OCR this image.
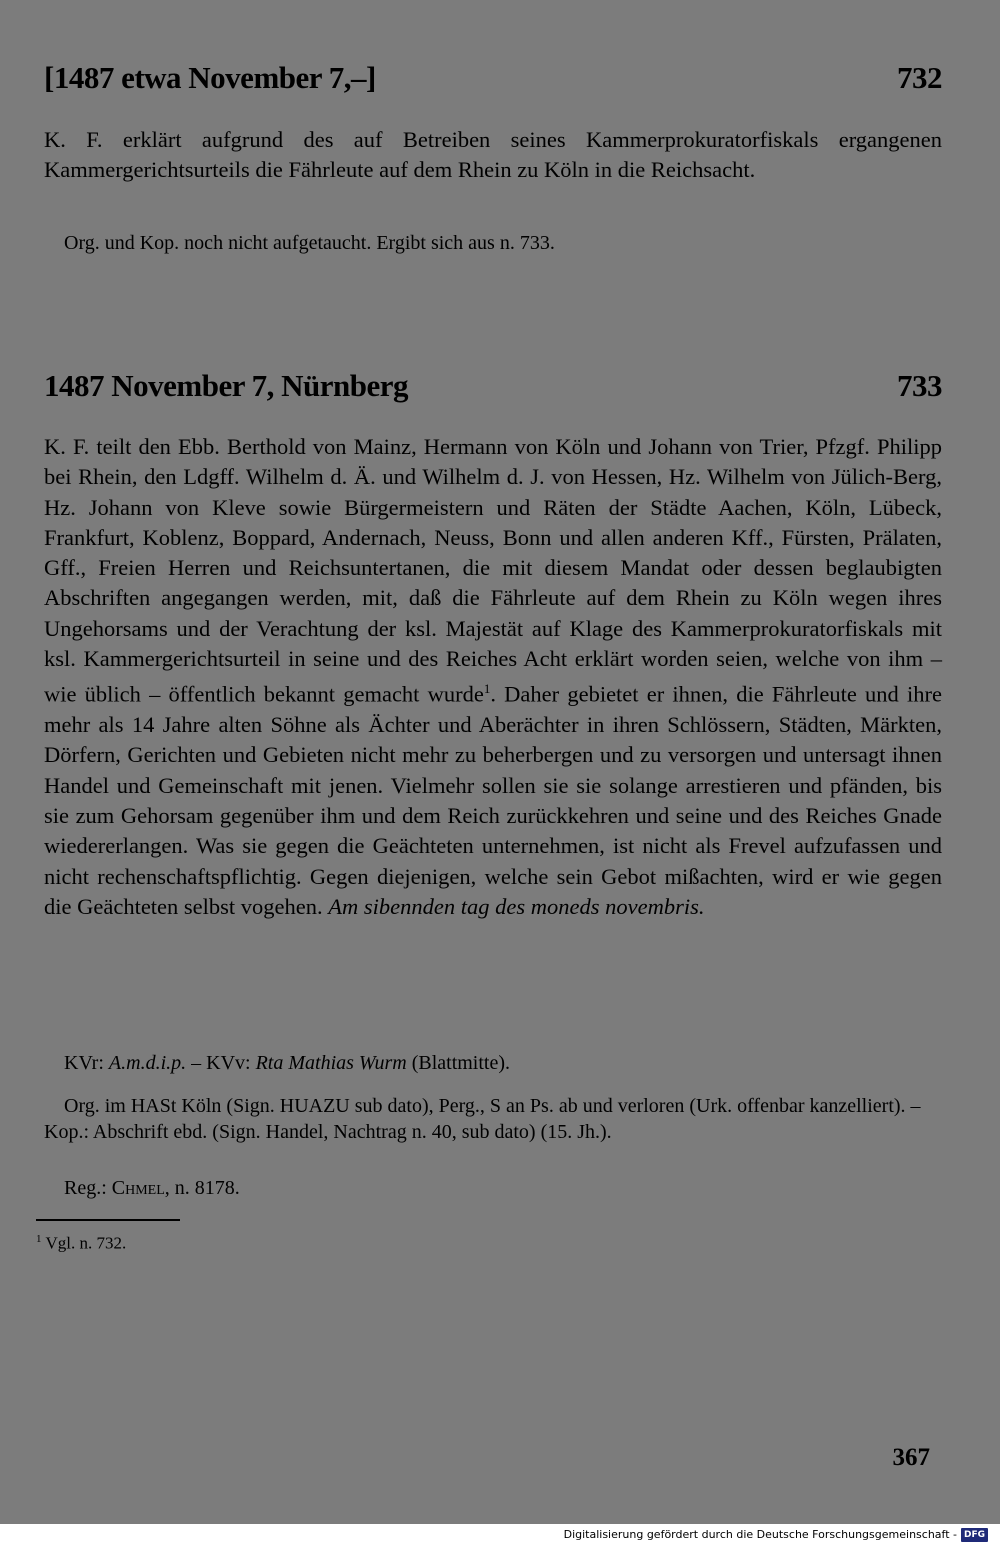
[1487 etwa November 7,–]	732

K. F. erklärt aufgrund des auf Betreiben seines Kammerprokuratorfiskals ergangenen Kammergerichtsurteils die Fährleute auf dem Rhein zu Köln in die Reichsacht.

Org. und Kop. noch nicht aufgetaucht. Ergibt sich aus n. 733.

1487 November 7, Nürnberg	733

K. F. teilt den Ebb. Berthold von Mainz, Hermann von Köln und Johann von Trier, Pfzgf. Philipp bei Rhein, den Ldgff. Wilhelm d. Ä. und Wilhelm d. J. von Hessen, Hz. Wilhelm von Jülich-Berg, Hz. Johann von Kleve sowie Bürgermeistern und Räten der Städte Aachen, Köln, Lübeck, Frankfurt, Koblenz, Boppard, Andernach, Neuss, Bonn und allen anderen Kff., Fürsten, Prälaten, Gff., Freien Herren und Reichsuntertanen, die mit diesem Mandat oder dessen beglaubigten Abschriften angegangen werden, mit, daß die Fährleute auf dem Rhein zu Köln wegen ihres Ungehorsams und der Verachtung der ksl. Majestät auf Klage des Kammerprokuratorfiskals mit ksl. Kammergerichtsurteil in seine und des Reiches Acht erklärt worden seien, welche von ihm – wie üblich – öffentlich bekannt gemacht wurde$^1$. Daher gebietet er ihnen, die Fährleute und ihre mehr als 14 Jahre alten Söhne als Ächter und Aberächter in ihren Schlössern, Städten, Märkten, Dörfern, Gerichten und Gebieten nicht mehr zu beherbergen und zu versorgen und untersagt ihnen Handel und Gemeinschaft mit jenen. Vielmehr sollen sie sie solange arrestieren und pfänden, bis sie zum Gehorsam gegenüber ihm und dem Reich zurückkehren und seine und des Reiches Gnade wiedererlangen. Was sie gegen die Geächteten unternehmen, ist nicht als Frevel aufzufassen und nicht rechenschaftspflichtig. Gegen diejenigen, welche sein Gebot mißachten, wird er wie gegen die Geächteten selbst vogehen. Am sibennden tag des moneds novembris.

KVr: A.m.d.i.p. – KVv: Rta Mathias Wurm (Blattmitte).

Org. im HASt Köln (Sign. HUAZU sub dato), Perg., S an Ps. ab und verloren (Urk. offenbar kanzelliert). – Kop.: Abschrift ebd. (Sign. Handel, Nachtrag n. 40, sub dato) (15. Jh.).

Reg.: Chmel, n. 8178.

$^1$ Vgl. n. 732.
367
Digitalisierung gefördert durch die Deutsche Forschungsgemeinschaft - DFG
